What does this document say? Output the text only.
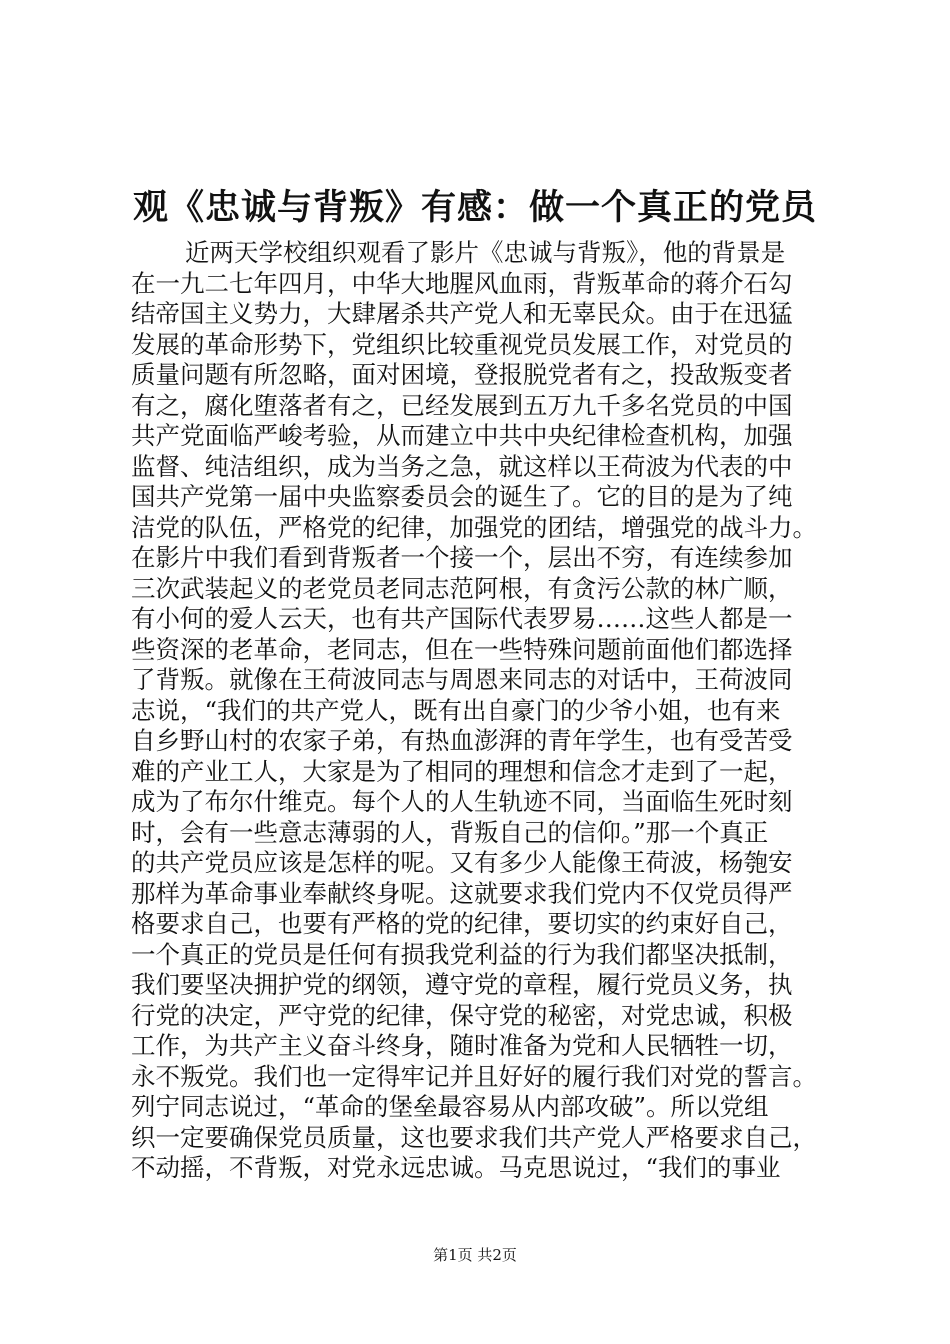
观《忠诚与背叛》有感：做一个真正的党员
近两天学校组织观看了影片《忠诚与背叛》，他的背景是
在一九二七年四月，中华大地腥风血雨，背叛革命的蒋介石勾
结帝国主义势力，大肆屠杀共产党人和无辜民众。由于在迅猛
发展的革命形势下，党组织比较重视党员发展工作，对党员的
质量问题有所忽略，面对困境，登报脱党者有之，投敌叛变者
有之，腐化堕落者有之，已经发展到五万九千多名党员的中国
共产党面临严峻考验，从而建立中共中央纪律检查机构，加强
监督、纯洁组织，成为当务之急，就这样以王荷波为代表的中
国共产党第一届中央监察委员会的诞生了。它的目的是为了纯
洁党的队伍，严格党的纪律，加强党的团结，增强党的战斗力。
在影片中我们看到背叛者一个接一个，层出不穷，有连续参加
三次武装起义的老党员老同志范阿根，有贪污公款的林广顺，
有小何的爱人云天，也有共产国际代表罗易……这些人都是一
些资深的老革命，老同志，但在一些特殊问题前面他们都选择
了背叛。就像在王荷波同志与周恩来同志的对话中，王荷波同
志说，“我们的共产党人，既有出自豪门的少爷小姐，也有来
自乡野山村的农家子弟，有热血澎湃的青年学生，也有受苦受
难的产业工人，大家是为了相同的理想和信念才走到了一起，
成为了布尔什维克。每个人的人生轨迹不同，当面临生死时刻
时，会有一些意志薄弱的人，背叛自己的信仰。”那一个真正
的共产党员应该是怎样的呢。又有多少人能像王荷波，杨匏安
那样为革命事业奉献终身呢。这就要求我们党内不仅党员得严
格要求自己，也要有严格的党的纪律，要切实的约束好自己，
一个真正的党员是任何有损我党利益的行为我们都坚决抵制，
我们要坚决拥护党的纲领，遵守党的章程，履行党员义务，执
行党的决定，严守党的纪律，保守党的秘密，对党忠诚，积极
工作，为共产主义奋斗终身，随时准备为党和人民牺牲一切，
永不叛党。我们也一定得牢记并且好好的履行我们对党的誓言。
列宁同志说过，“革命的堡垒最容易从内部攻破”。所以党组
织一定要确保党员质量，这也要求我们共产党人严格要求自己，
不动摇，不背叛，对党永远忠诚。马克思说过，“我们的事业
第1页 共2页
